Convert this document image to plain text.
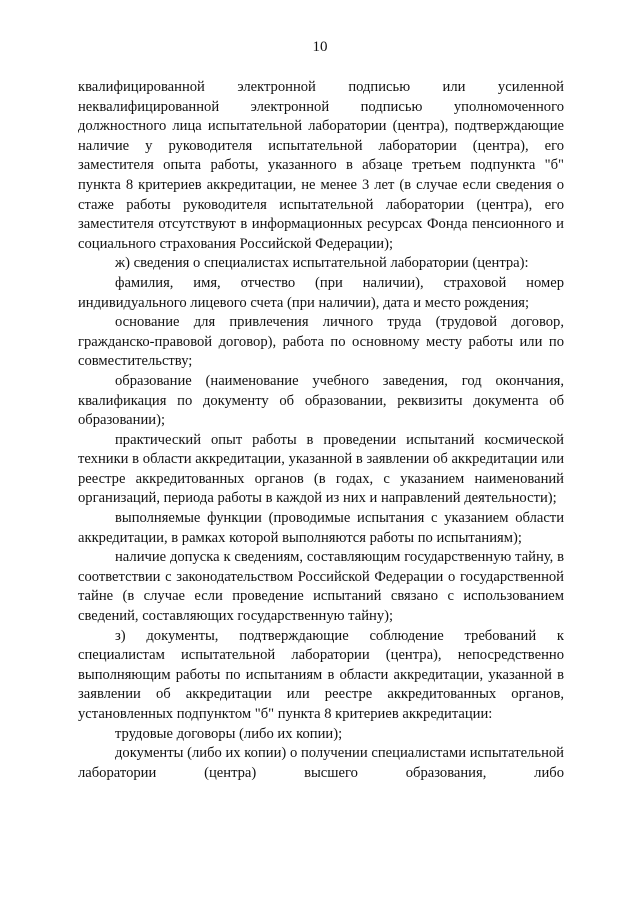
10

квалифицированной электронной подписью или усиленной неквалифицированной электронной подписью уполномоченного должностного лица испытательной лаборатории (центра), подтверждающие наличие у руководителя испытательной лаборатории (центра), его заместителя опыта работы, указанного в абзаце третьем подпункта "б" пункта 8 критериев аккредитации, не менее 3 лет (в случае если сведения о стаже работы руководителя испытательной лаборатории (центра), его заместителя отсутствуют в информационных ресурсах Фонда пенсионного и социального страхования Российской Федерации);

ж) сведения о специалистах испытательной лаборатории (центра):

фамилия, имя, отчество (при наличии), страховой номер индивидуального лицевого счета (при наличии), дата и место рождения;

основание для привлечения личного труда (трудовой договор, гражданско-правовой договор), работа по основному месту работы или по совместительству;

образование (наименование учебного заведения, год окончания, квалификация по документу об образовании, реквизиты документа об образовании);

практический опыт работы в проведении испытаний космической техники в области аккредитации, указанной в заявлении об аккредитации или реестре аккредитованных органов (в годах, с указанием наименований организаций, периода работы в каждой из них и направлений деятельности);

выполняемые функции (проводимые испытания с указанием области аккредитации, в рамках которой выполняются работы по испытаниям);

наличие допуска к сведениям, составляющим государственную тайну, в соответствии с законодательством Российской Федерации о государственной тайне (в случае если проведение испытаний связано с использованием сведений, составляющих государственную тайну);

з) документы, подтверждающие соблюдение требований к специалистам испытательной лаборатории (центра), непосредственно выполняющим работы по испытаниям в области аккредитации, указанной в заявлении об аккредитации или реестре аккредитованных органов, установленных подпунктом "б" пункта 8 критериев аккредитации:

трудовые договоры (либо их копии);

документы (либо их копии) о получении специалистами испытательной лаборатории (центра) высшего образования, либо
